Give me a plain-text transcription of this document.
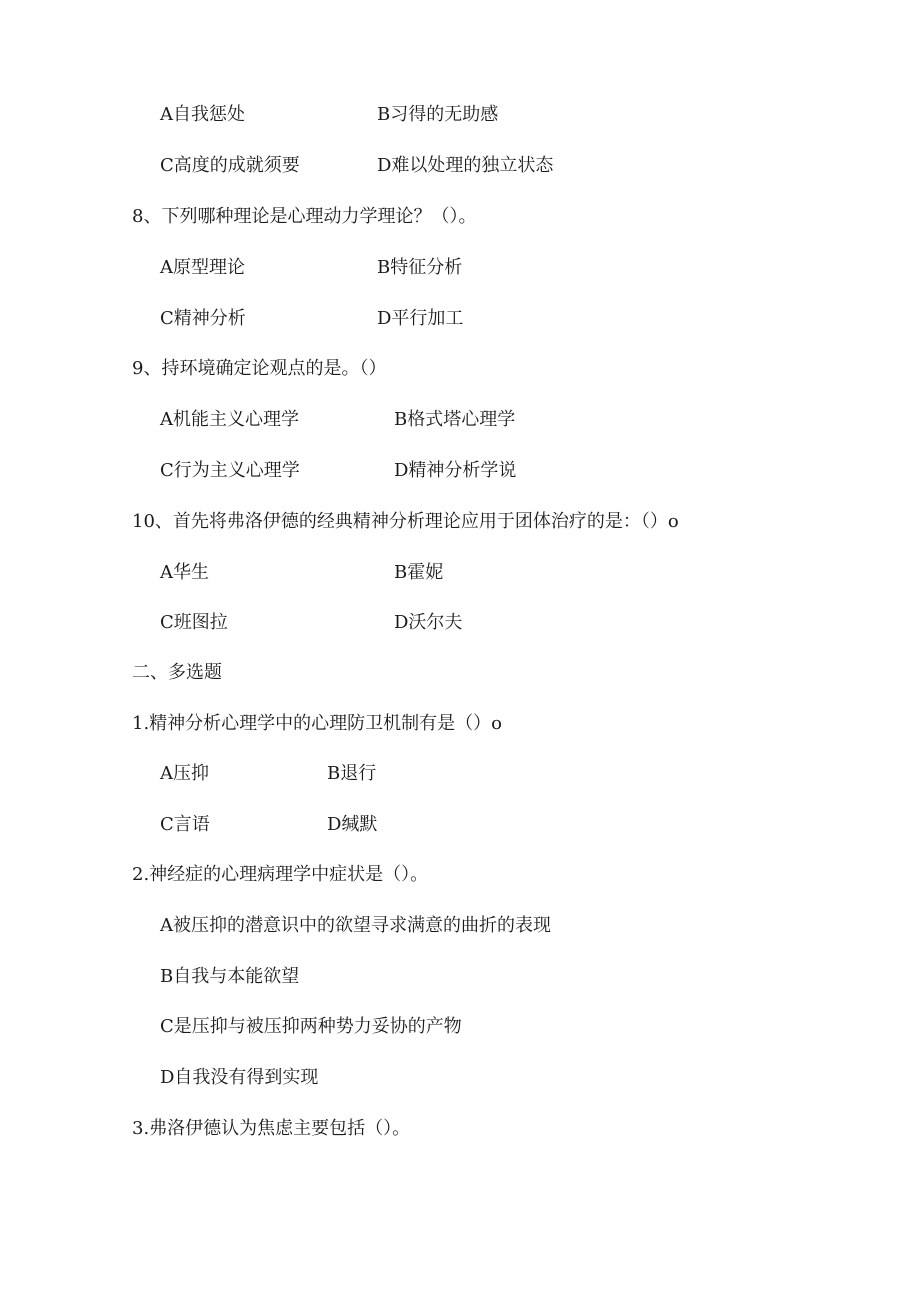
A自我惩处	B习得的无助感
C高度的成就须要	D难以处理的独立状态
8、下列哪种理论是心理动力学理论？（）。
A原型理论	B特征分析
C精神分析	D平行加工
9、持环境确定论观点的是。（）
A机能主义心理学	B格式塔心理学
C行为主义心理学	D精神分析学说
10、首先将弗洛伊德的经典精神分析理论应用于团体治疗的是：（）o
A华生	B霍妮
C班图拉	D沃尔夫
二、多选题
1.精神分析心理学中的心理防卫机制有是（）o
A压抑	B退行
C言语	D缄默
2.神经症的心理病理学中症状是（）。
A被压抑的潜意识中的欲望寻求满意的曲折的表现
B自我与本能欲望
C是压抑与被压抑两种势力妥协的产物
D自我没有得到实现
3.弗洛伊德认为焦虑主要包括（）。
